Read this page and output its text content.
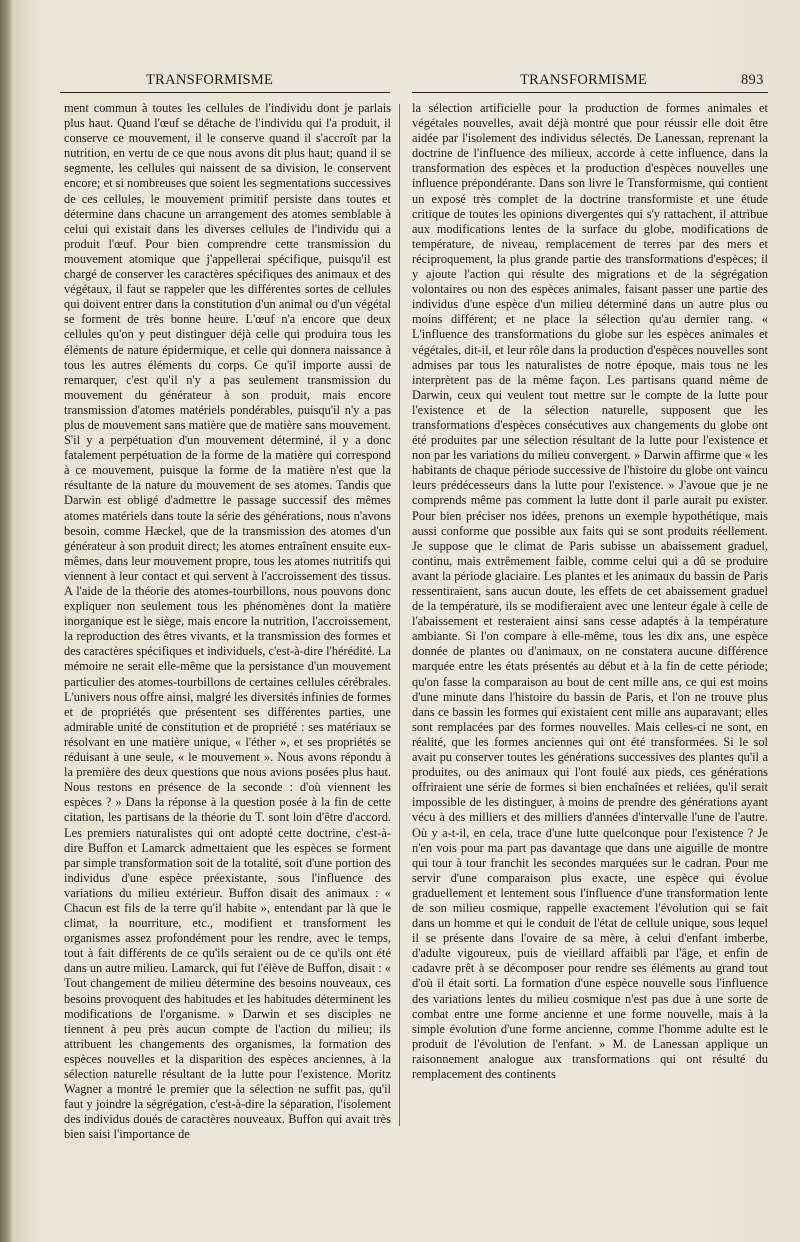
TRANSFORMISME	TRANSFORMISME	893

ment commun à toutes les cellules de l'individu dont je parlais plus haut. Quand l'œuf se détache de l'individu qui l'a produit, il conserve ce mouvement, il le conserve quand il s'accroît par la nutrition, en vertu de ce que nous avons dit plus haut; quand il se segmente, les cellules qui naissent de sa division, le conservent encore; et si nombreuses que soient les segmentations successives de ces cellules, le mouvement primitif persiste dans toutes et détermine dans chacune un arrangement des atomes semblable à celui qui existait dans les diverses cellules de l'individu qui a produit l'œuf. Pour bien comprendre cette transmission du mouvement atomique que j'appellerai spécifique, puisqu'il est chargé de conserver les caractères spécifiques des animaux et des végétaux, il faut se rappeler que les différentes sortes de cellules qui doivent entrer dans la constitution d'un animal ou d'un végétal se forment de très bonne heure. L'œuf n'a encore que deux cellules qu'on y peut distinguer déjà celle qui produira tous les éléments de nature épidermique, et celle qui donnera naissance à tous les autres éléments du corps. Ce qu'il importe aussi de remarquer, c'est qu'il n'y a pas seulement transmission du mouvement du générateur à son produit, mais encore transmission d'atomes matériels pondérables, puisqu'il n'y a pas plus de mouvement sans matière que de matière sans mouvement. S'il y a perpétuation d'un mouvement déterminé, il y a donc fatalement perpétuation de la forme de la matière qui correspond à ce mouvement, puisque la forme de la matière n'est que la résultante de la nature du mouvement de ses atomes. Tandis que Darwin est obligé d'admettre le passage successif des mêmes atomes matériels dans toute la série des générations, nous n'avons besoin, comme Hæckel, que de la transmission des atomes d'un générateur à son produit direct; les atomes entraînent ensuite eux-mêmes, dans leur mouvement propre, tous les atomes nutritifs qui viennent à leur contact et qui servent à l'accroissement des tissus. A l'aide de la théorie des atomes-tourbillons, nous pouvons donc expliquer non seulement tous les phénomènes dont la matière inorganique est le siège, mais encore la nutrition, l'accroissement, la reproduction des êtres vivants, et la transmission des formes et des caractères spécifiques et individuels, c'est-à-dire l'hérédité. La mémoire ne serait elle-même que la persistance d'un mouvement particulier des atomes-tourbillons de certaines cellules cérébrales. L'univers nous offre ainsi, malgré les diversités infinies de formes et de propriétés que présentent ses différentes parties, une admirable unité de constitution et de propriété : ses matériaux se résolvant en une matière unique, « l'éther », et ses propriétés se réduisant à une seule, « le mouvement ». Nous avons répondu à la première des deux questions que nous avions posées plus haut. Nous restons en présence de la seconde : d'où viennent les espèces ? » Dans la réponse à la question posée à la fin de cette citation, les partisans de la théorie du T. sont loin d'être d'accord. Les premiers naturalistes qui ont adopté cette doctrine, c'est-à-dire Buffon et Lamarck admettaient que les espèces se forment par simple transformation soit de la totalité, soit d'une portion des individus d'une espèce préexistante, sous l'influence des variations du milieu extérieur. Buffon disait des animaux : « Chacun est fils de la terre qu'il habite », entendant par là que le climat, la nourriture, etc., modifient et transforment les organismes assez profondément pour les rendre, avec le temps, tout à fait différents de ce qu'ils seraient ou de ce qu'ils ont été dans un autre milieu. Lamarck, qui fut l'élève de Buffon, disait : « Tout changement de milieu détermine des besoins nouveaux, ces besoins provoquent des habitudes et les habitudes déterminent les modifications de l'organisme. » Darwin et ses disciples ne tiennent à peu près aucun compte de l'action du milieu; ils attribuent les changements des organismes, la formation des espèces nouvelles et la disparition des espèces anciennes, à la sélection naturelle résultant de la lutte pour l'existence. Moritz Wagner a montré le premier que la sélection ne suffit pas, qu'il faut y joindre la ségrégation, c'est-à-dire la séparation, l'isolement des individus doués de caractères nouveaux. Buffon qui avait très bien saisi l'importance de

la sélection artificielle pour la production de formes animales et végétales nouvelles, avait déjà montré que pour réussir elle doit être aidée par l'isolement des individus sélectés. De Lanessan, reprenant la doctrine de l'influence des milieux, accorde à cette influence, dans la transformation des espèces et la production d'espèces nouvelles une influence prépondérante. Dans son livre le Transformisme, qui contient un exposé très complet de la doctrine transformiste et une étude critique de toutes les opinions divergentes qui s'y rattachent, il attribue aux modifications lentes de la surface du globe, modifications de température, de niveau, remplacement de terres par des mers et réciproquement, la plus grande partie des transformations d'espèces; il y ajoute l'action qui résulte des migrations et de la ségrégation volontaires ou non des espèces animales, faisant passer une partie des individus d'une espèce d'un milieu déterminé dans un autre plus ou moins différent; et ne place la sélection qu'au dernier rang. « L'influence des transformations du globe sur les espèces animales et végétales, dit-il, et leur rôle dans la production d'espèces nouvelles sont admises par tous les naturalistes de notre époque, mais tous ne les interprètent pas de la même façon. Les partisans quand même de Darwin, ceux qui veulent tout mettre sur le compte de la lutte pour l'existence et de la sélection naturelle, supposent que les transformations d'espèces consécutives aux changements du globe ont été produites par une sélection résultant de la lutte pour l'existence et non par les variations du milieu convergent. » Darwin affirme que « les habitants de chaque période successive de l'histoire du globe ont vaincu leurs prédécesseurs dans la lutte pour l'existence. » J'avoue que je ne comprends même pas comment la lutte dont il parle aurait pu exister. Pour bien préciser nos idées, prenons un exemple hypothétique, mais aussi conforme que possible aux faits qui se sont produits réellement. Je suppose que le climat de Paris subisse un abaissement graduel, continu, mais extrêmement faible, comme celui qui a dû se produire avant la période glaciaire. Les plantes et les animaux du bassin de Paris ressentiraient, sans aucun doute, les effets de cet abaissement graduel de la température, ils se modifieraient avec une lenteur égale à celle de l'abaissement et resteraient ainsi sans cesse adaptés à la température ambiante. Si l'on compare à elle-même, tous les dix ans, une espèce donnée de plantes ou d'animaux, on ne constatera aucune différence marquée entre les états présentés au début et à la fin de cette période; qu'on fasse la comparaison au bout de cent mille ans, ce qui est moins d'une minute dans l'histoire du bassin de Paris, et l'on ne trouve plus dans ce bassin les formes qui existaient cent mille ans auparavant; elles sont remplacées par des formes nouvelles. Mais celles-ci ne sont, en réalité, que les formes anciennes qui ont été transformées. Si le sol avait pu conserver toutes les générations successives des plantes qu'il a produites, ou des animaux qui l'ont foulé aux pieds, ces générations offriraient une série de formes si bien enchaînées et reliées, qu'il serait impossible de les distinguer, à moins de prendre des générations ayant vécu à des milliers et des milliers d'années d'intervalle l'une de l'autre. Où y a-t-il, en cela, trace d'une lutte quelconque pour l'existence ? Je n'en vois pour ma part pas davantage que dans une aiguille de montre qui tour à tour franchit les secondes marquées sur le cadran. Pour me servir d'une comparaison plus exacte, une espèce qui évolue graduellement et lentement sous l'influence d'une transformation lente de son milieu cosmique, rappelle exactement l'évolution qui se fait dans un homme et qui le conduit de l'état de cellule unique, sous lequel il se présente dans l'ovaire de sa mère, à celui d'enfant imberbe, d'adulte vigoureux, puis de vieillard affaibli par l'âge, et enfin de cadavre prêt à se décomposer pour rendre ses éléments au grand tout d'où il était sorti. La formation d'une espèce nouvelle sous l'influence des variations lentes du milieu cosmique n'est pas due à une sorte de combat entre une forme ancienne et une forme nouvelle, mais à la simple évolution d'une forme ancienne, comme l'homme adulte est le produit de l'évolution de l'enfant. » M. de Lanessan applique un raisonnement analogue aux transformations qui ont résulté du remplacement des continents
